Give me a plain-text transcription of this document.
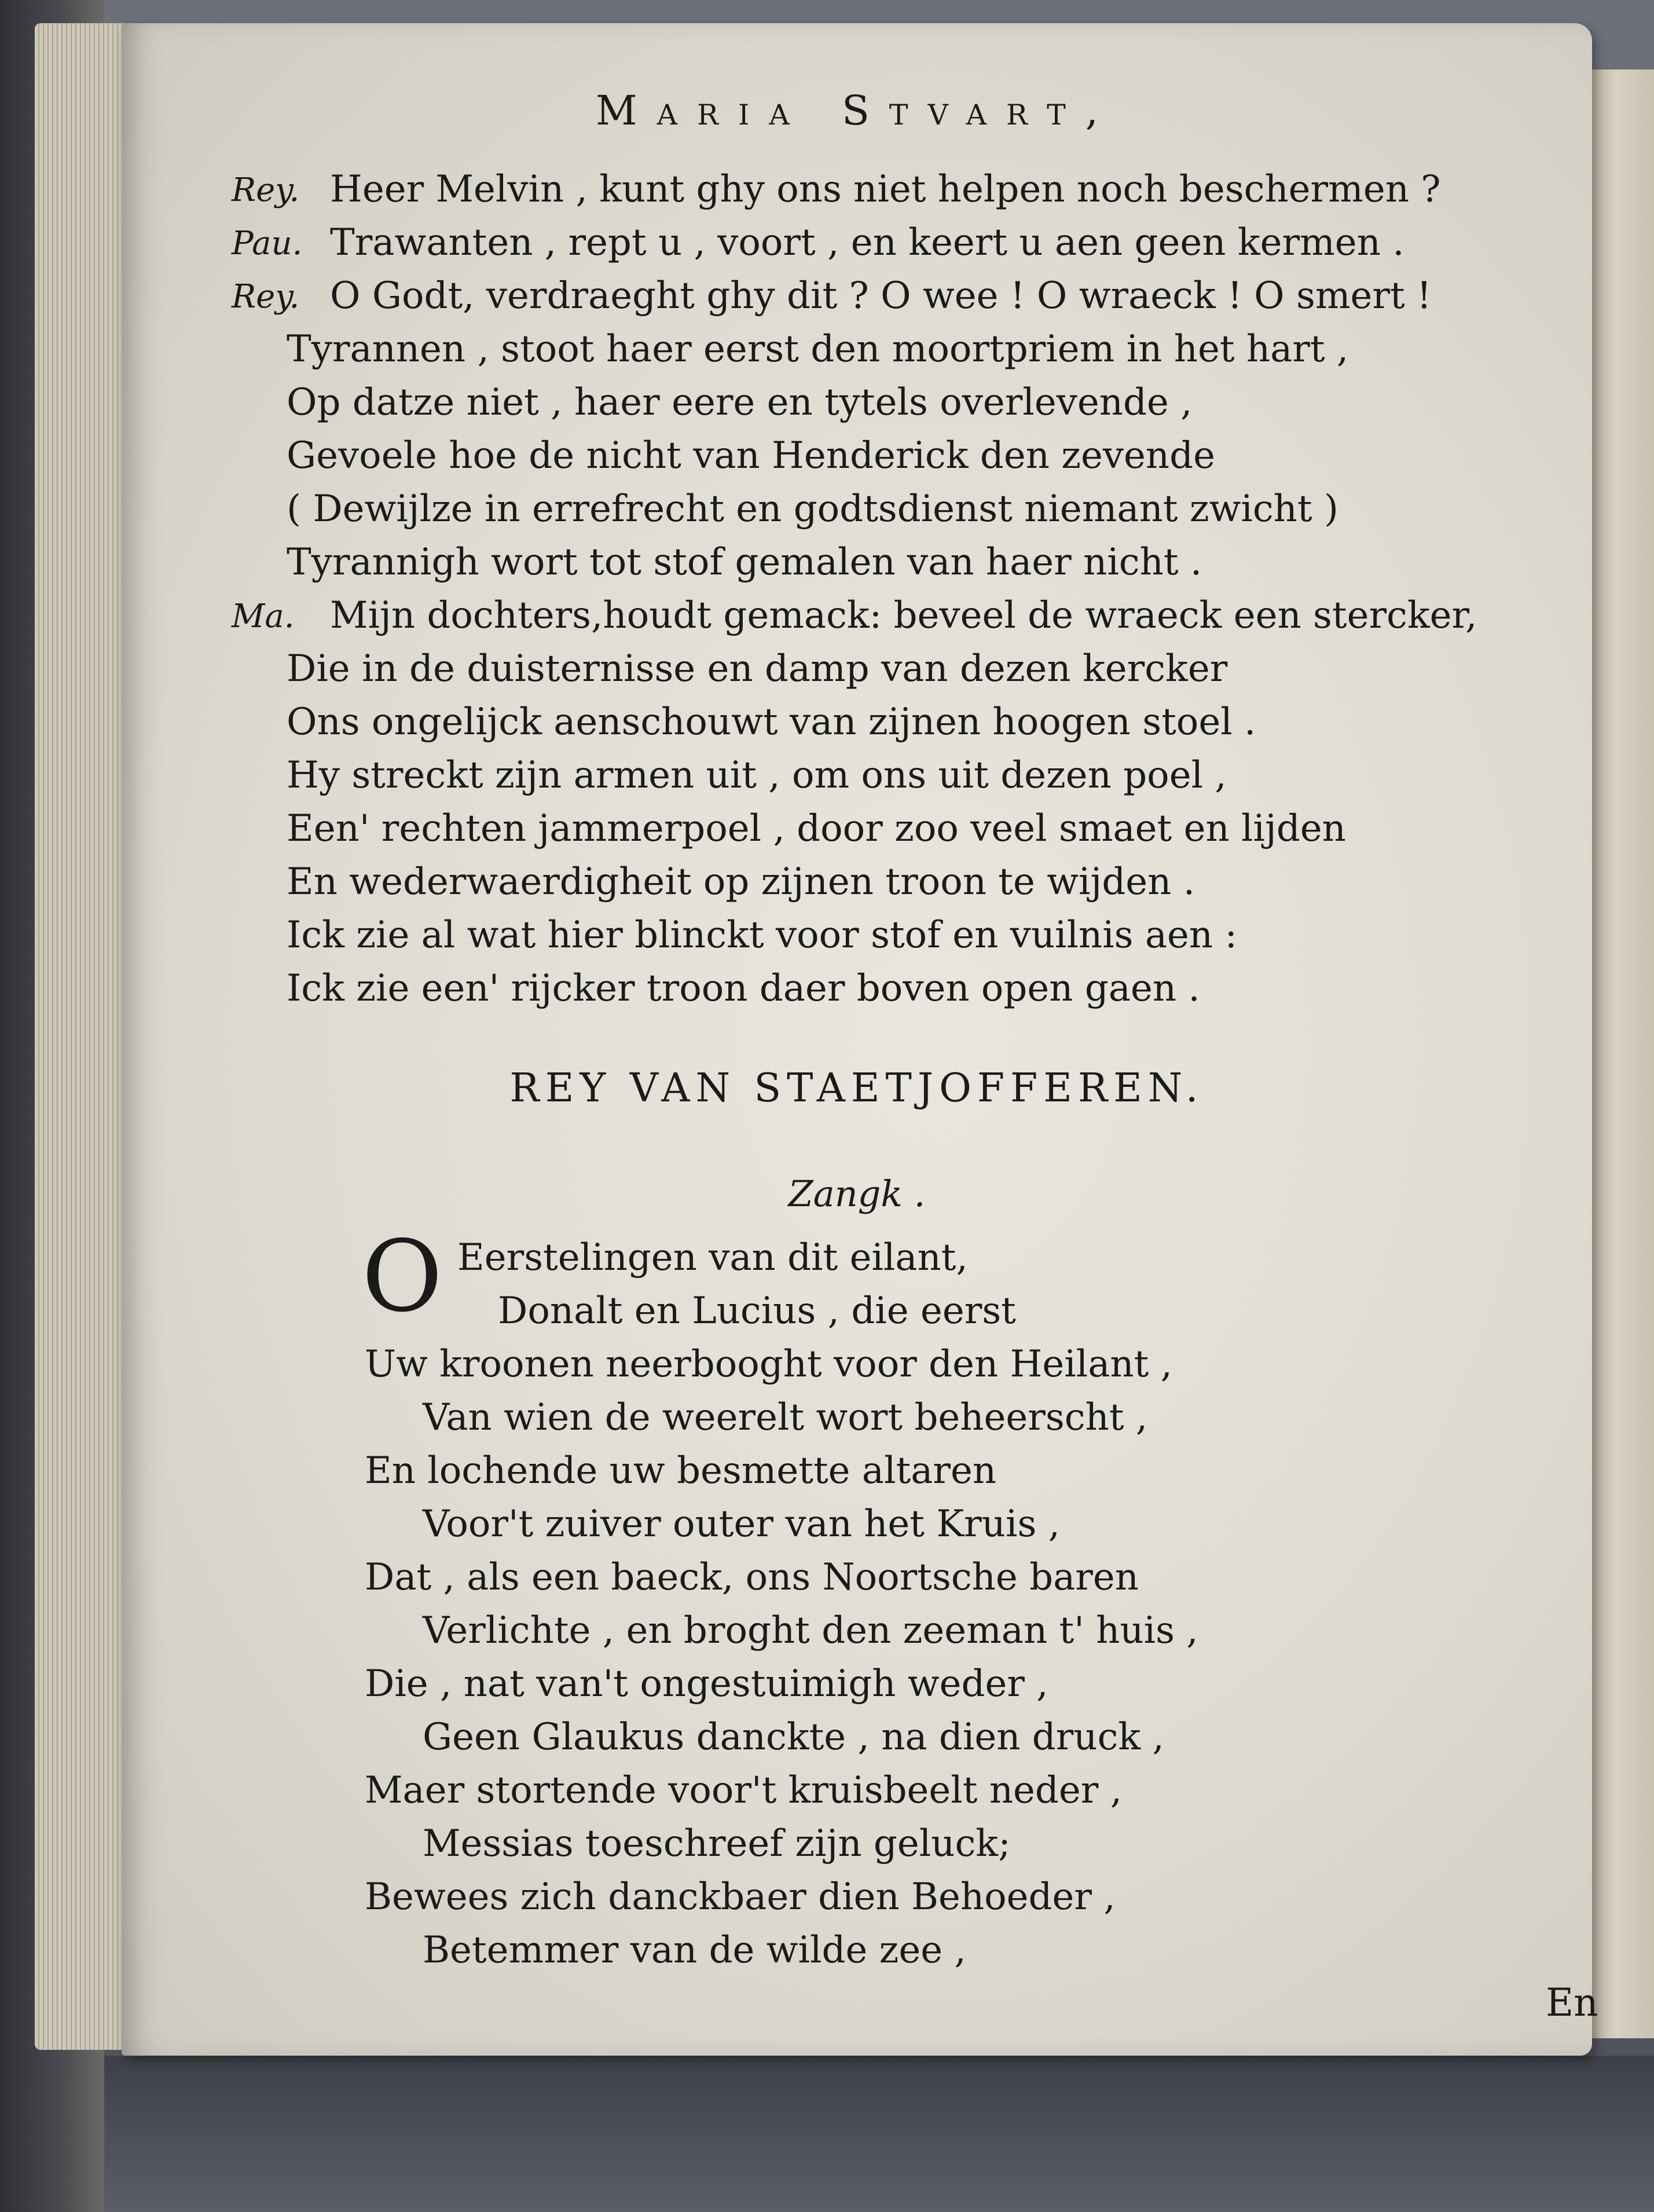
Maria Stvart,
Rey. Heer Melvin , kunt ghy ons niet helpen noch beschermen ?
Pau. Trawanten , rept u , voort , en keert u aen geen kermen .
Rey. O Godt, verdraeght ghy dit ? O wee ! O wraeck ! O smert !
Tyrannen , stoot haer eerst den moortpriem in het hart ,
Op datze niet , haer eere en tytels overlevende ,
Gevoele hoe de nicht van Henderick den zevende
( Dewijlze in errefrecht en godtsdienst niemant zwicht )
Tyrannigh wort tot stof gemalen van haer nicht .
Ma. Mijn dochters,houdt gemack: beveel de wraeck een stercker,
Die in de duisternisse en damp van dezen kercker
Ons ongelijck aenschouwt van zijnen hoogen stoel .
Hy streckt zijn armen uit , om ons uit dezen poel ,
Een' rechten jammerpoel , door zoo veel smaet en lijden
En wederwaerdigheit op zijnen troon te wijden .
Ick zie al wat hier blinckt voor stof en vuilnis aen :
Ick zie een' rijcker troon daer boven open gaen .
REY VAN STAETJOFFEREN.
Zangk .
O Eerstelingen van dit eilant,
Donalt en Lucius , die eerst
Uw kroonen neerbooght voor den Heilant ,
Van wien de weerelt wort beheerscht ,
En lochende uw besmette altaren
Voor't zuiver outer van het Kruis ,
Dat , als een baeck, ons Noortsche baren
Verlichte , en broght den zeeman t' huis ,
Die , nat van't ongestuimigh weder ,
Geen Glaukus danckte , na dien druck ,
Maer stortende voor't kruisbeelt neder ,
Messias toeschreef zijn geluck;
Bewees zich danckbaer dien Behoeder ,
Betemmer van de wilde zee ,
En
